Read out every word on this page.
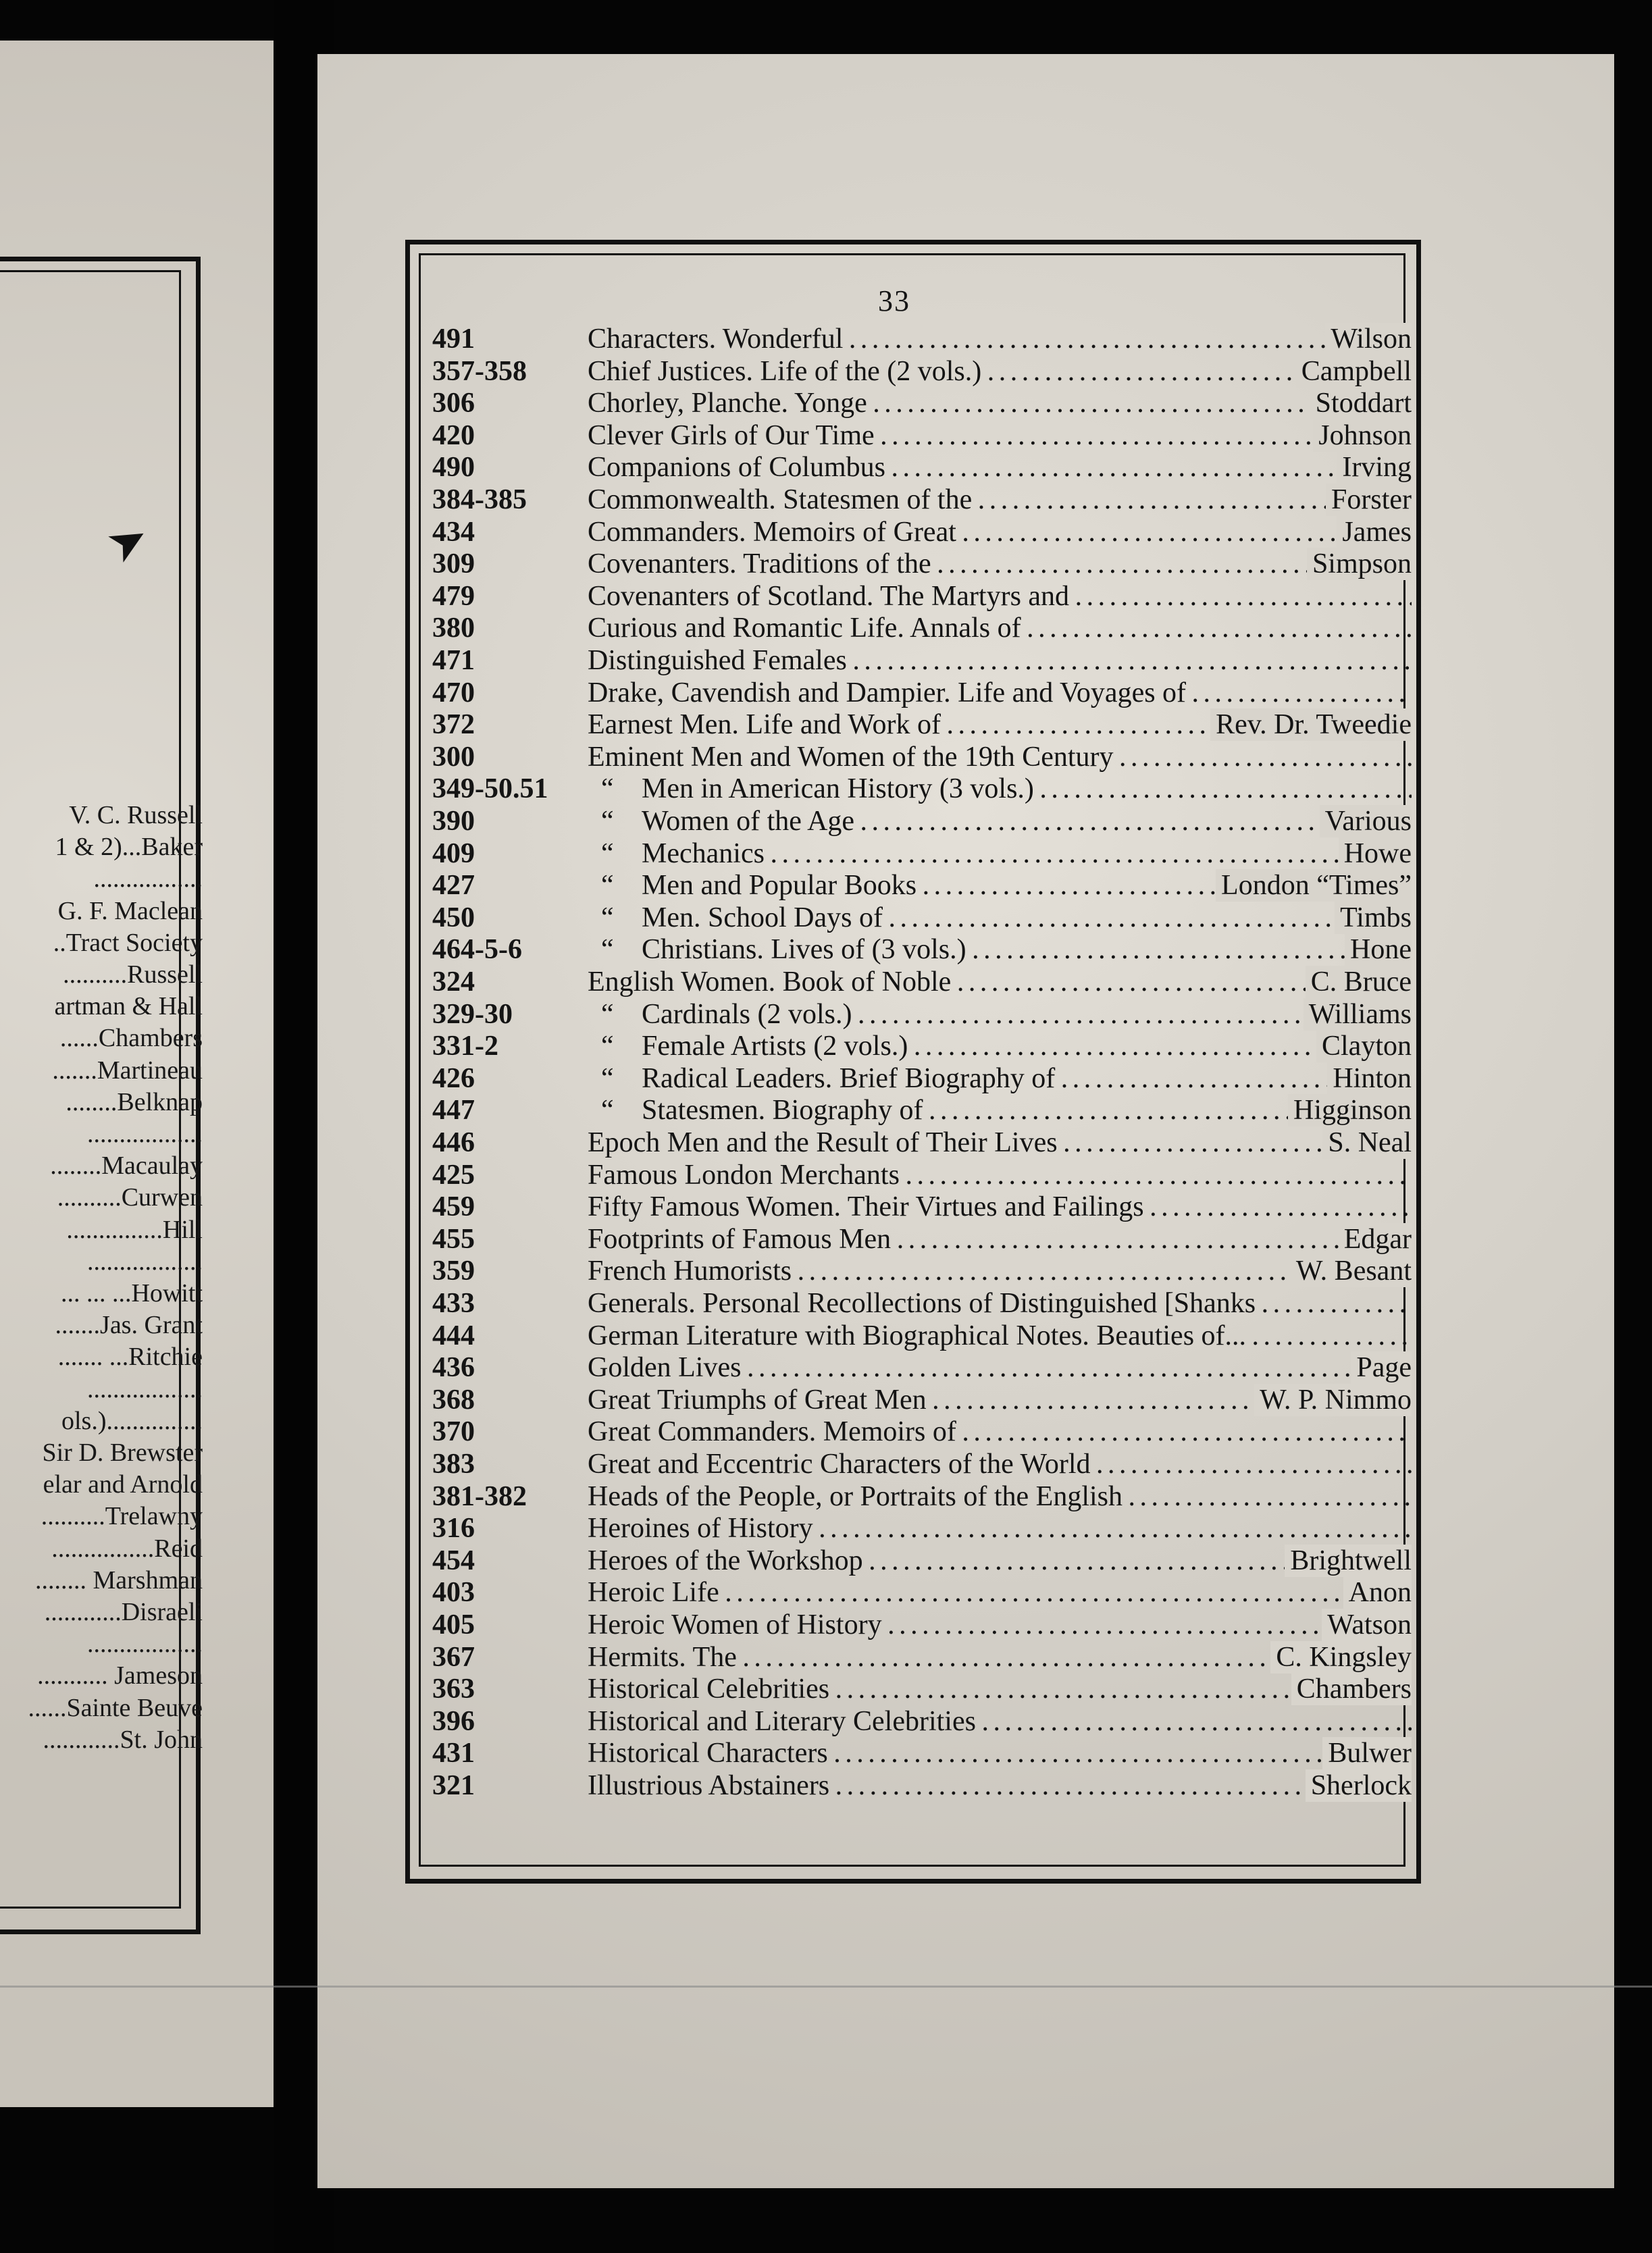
➤
V. C. Russell
1 & 2)...Baker
.................
G. F. Maclean
..Tract Society
..........Russell
artman & Hall
......Chambers
.......Martineau
........Belknap
..................
........Macaulay
..........Curwen
...............Hill
..................
... ... ...Howitt
.......Jas. Grant
....... ...Ritchie
..................
ols.)...............
Sir D. Brewster
elar and Arnold
..........Trelawny
................Reid
........ Marshman
............Disraeli
..................
........... Jameson
......Sainte Beuve
............St. John
33
491	Characters. Wonderful . . .	Wilson
357-358 Chief Justices. Life of the (2 vols.) . . .	Campbell
306	Chorley, Planche. Yonge . . .	Stoddart
420	Clever Girls of Our Time . . .	Johnson
490	Companions of Columbus . . .	Irving
384-385 Commonwealth. Statesmen of the . . .	Forster
434	Commanders. Memoirs of Great . . .	James
309	Covenanters. Traditions of the . . .	Simpson
479	Covenanters of Scotland. The Martyrs and . . .
380	Curious and Romantic Life. Annals of . . .
471	Distinguished Females . . .
470	Drake, Cavendish and Dampier. Life and Voyages of . . .
372	Earnest Men. Life and Work of . . .	Rev. Dr. Tweedie
300	Eminent Men and Women of the 19th Century . . .
349-50.51 “ Men in American History (3 vols.) . . .
390	“ Women of the Age . . .	Various
409	“ Mechanics . . .	Howe
427	“ Men and Popular Books . . .	London “Times”
450	“ Men. School Days of . . .	Timbs
464-5-6	“ Christians. Lives of (3 vols.) . . .	Hone
324	English Women. Book of Noble . . .	C. Bruce
329-30	“ Cardinals (2 vols.) . . .	Williams
331-2	“ Female Artists (2 vols.) . . .	Clayton
426	“ Radical Leaders. Brief Biography of . . .	Hinton
447	“ Statesmen. Biography of . . .	Higginson
446	Epoch Men and the Result of Their Lives . . .	S. Neal
425	Famous London Merchants . . .
459	Fifty Famous Women. Their Virtues and Failings . . .
455	Footprints of Famous Men . . .	Edgar
359	French Humorists . . .	W. Besant
433	Generals. Personal Recollections of Distinguished [Shanks . . .
444	German Literature with Biographical Notes. Beauties of... . . .
436	Golden Lives . . .	Page
368	Great Triumphs of Great Men . . .	W. P. Nimmo
370	Great Commanders. Memoirs of . . .
383	Great and Eccentric Characters of the World . . .
381-382 Heads of the People, or Portraits of the English . . .
316	Heroines of History . . .
454	Heroes of the Workshop . . .	Brightwell
403	Heroic Life . . .	Anon
405	Heroic Women of History . . .	Watson
367	Hermits. The . . .	C. Kingsley
363	Historical Celebrities . . .	Chambers
396	Historical and Literary Celebrities . . .
431	Historical Characters . . .	Bulwer
321	Illustrious Abstainers . . .	Sherlock
